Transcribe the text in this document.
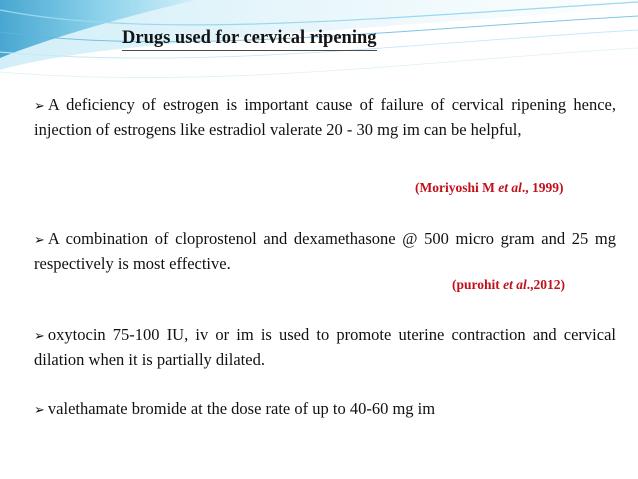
Drugs used for cervical ripening
➢ A deficiency of estrogen is important cause of failure of cervical ripening hence, injection of estrogens like estradiol valerate 20 - 30 mg im can be helpful,
(Moriyoshi M et al., 1999)
➢ A combination of cloprostenol and dexamethasone @ 500 micro gram and 25 mg respectively is most effective.
(purohit et al.,2012)
➢ oxytocin 75-100 IU, iv or im is used to promote uterine contraction and cervical dilation when it is partially dilated.
➢ valethamate bromide at the dose rate of up to 40-60 mg im
